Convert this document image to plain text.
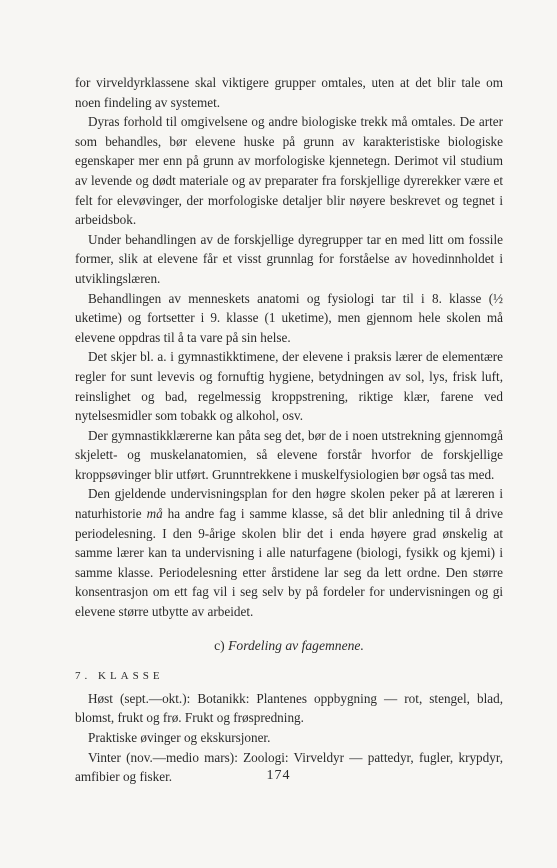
for virveldyrklassene skal viktigere grupper omtales, uten at det blir tale om noen findeling av systemet.

Dyras forhold til omgivelsene og andre biologiske trekk må omtales. De arter som behandles, bør elevene huske på grunn av karakteristiske biologiske egenskaper mer enn på grunn av morfologiske kjennetegn. Derimot vil studium av levende og dødt materiale og av preparater fra forskjellige dyrerekker være et felt for elevøvinger, der morfologiske detaljer blir nøyere beskrevet og tegnet i arbeidsbok.

Under behandlingen av de forskjellige dyregrupper tar en med litt om fossile former, slik at elevene får et visst grunnlag for forståelse av hovedinnholdet i utviklingslæren.

Behandlingen av menneskets anatomi og fysiologi tar til i 8. klasse (½ uketime) og fortsetter i 9. klasse (1 uketime), men gjennom hele skolen må elevene oppdras til å ta vare på sin helse.

Det skjer bl. a. i gymnastikktimene, der elevene i praksis lærer de elementære regler for sunt levevis og fornuftig hygiene, betydningen av sol, lys, frisk luft, reinslighet og bad, regelmessig kroppstrening, riktige klær, farene ved nytelsesmidler som tobakk og alkohol, osv.

Der gymnastikklærerne kan påta seg det, bør de i noen utstrekning gjennomgå skjelett- og muskelanatomien, så elevene forstår hvorfor de forskjellige kroppsøvinger blir utført. Grunntrekkene i muskelfysiologien bør også tas med.

Den gjeldende undervisningsplan for den høgre skolen peker på at læreren i naturhistorie må ha andre fag i samme klasse, så det blir anledning til å drive periodelesning. I den 9-årige skolen blir det i enda høyere grad ønskelig at samme lærer kan ta undervisning i alle naturfagene (biologi, fysikk og kjemi) i samme klasse. Periodelesning etter årstidene lar seg da lett ordne. Den større konsentrasjon om ett fag vil i seg selv by på fordeler for undervisningen og gi elevene større utbytte av arbeidet.

c) Fordeling av fagemnene.

7. KLASSE

Høst (sept.—okt.): Botanikk: Plantenes oppbygning — rot, stengel, blad, blomst, frukt og frø. Frukt og frøspredning.

Praktiske øvinger og ekskursjoner.

Vinter (nov.—medio mars): Zoologi: Virveldyr — pattedyr, fugler, krypdyr, amfibier og fisker.	174
